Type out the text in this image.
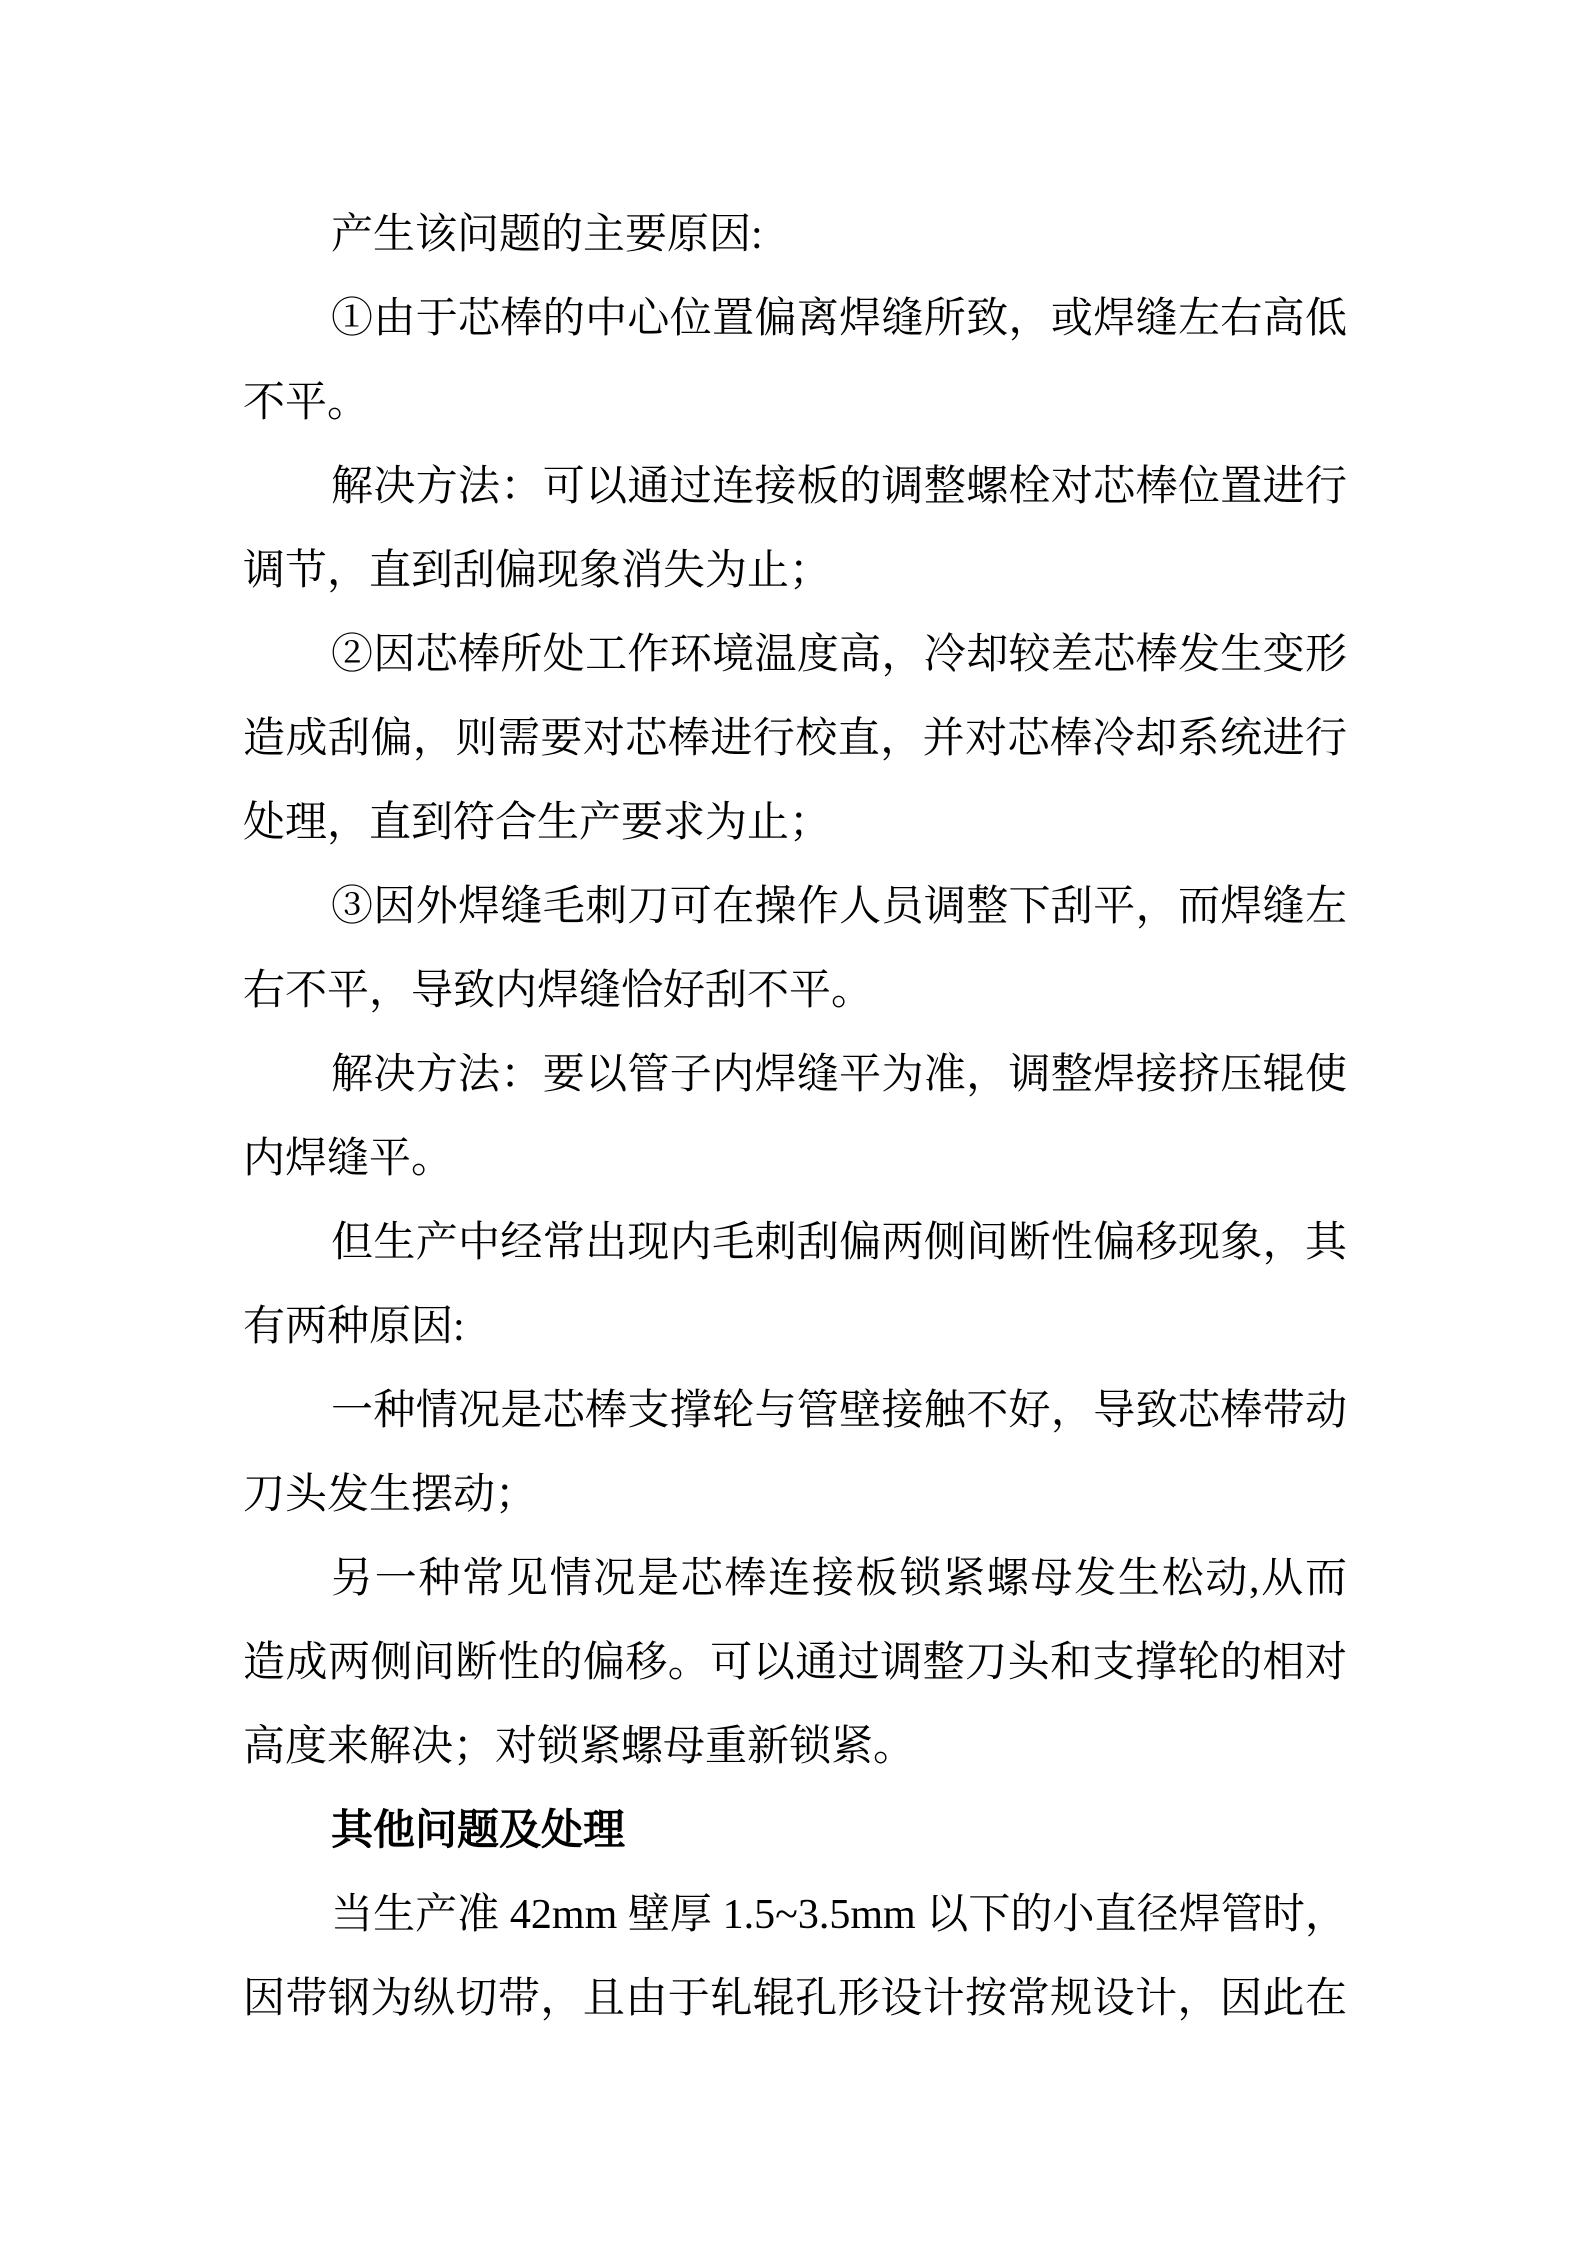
产生该问题的主要原因:
①由于芯棒的中心位置偏离焊缝所致，或焊缝左右高低
不平。
解决方法：可以通过连接板的调整螺栓对芯棒位置进行
调节，直到刮偏现象消失为止；
②因芯棒所处工作环境温度高，冷却较差芯棒发生变形
造成刮偏，则需要对芯棒进行校直，并对芯棒冷却系统进行
处理，直到符合生产要求为止；
③因外焊缝毛刺刀可在操作人员调整下刮平，而焊缝左
右不平，导致内焊缝恰好刮不平。
解决方法：要以管子内焊缝平为准，调整焊接挤压辊使
内焊缝平。
但生产中经常出现内毛刺刮偏两侧间断性偏移现象，其
有两种原因:
一种情况是芯棒支撑轮与管壁接触不好，导致芯棒带动
刀头发生摆动；
另一种常见情况是芯棒连接板锁紧螺母发生松动,从而
造成两侧间断性的偏移。可以通过调整刀头和支撑轮的相对
高度来解决；对锁紧螺母重新锁紧。
其他问题及处理
当生产准 42mm 壁厚 1.5~3.5mm 以下的小直径焊管时，
因带钢为纵切带，且由于轧辊孔形设计按常规设计，因此在
